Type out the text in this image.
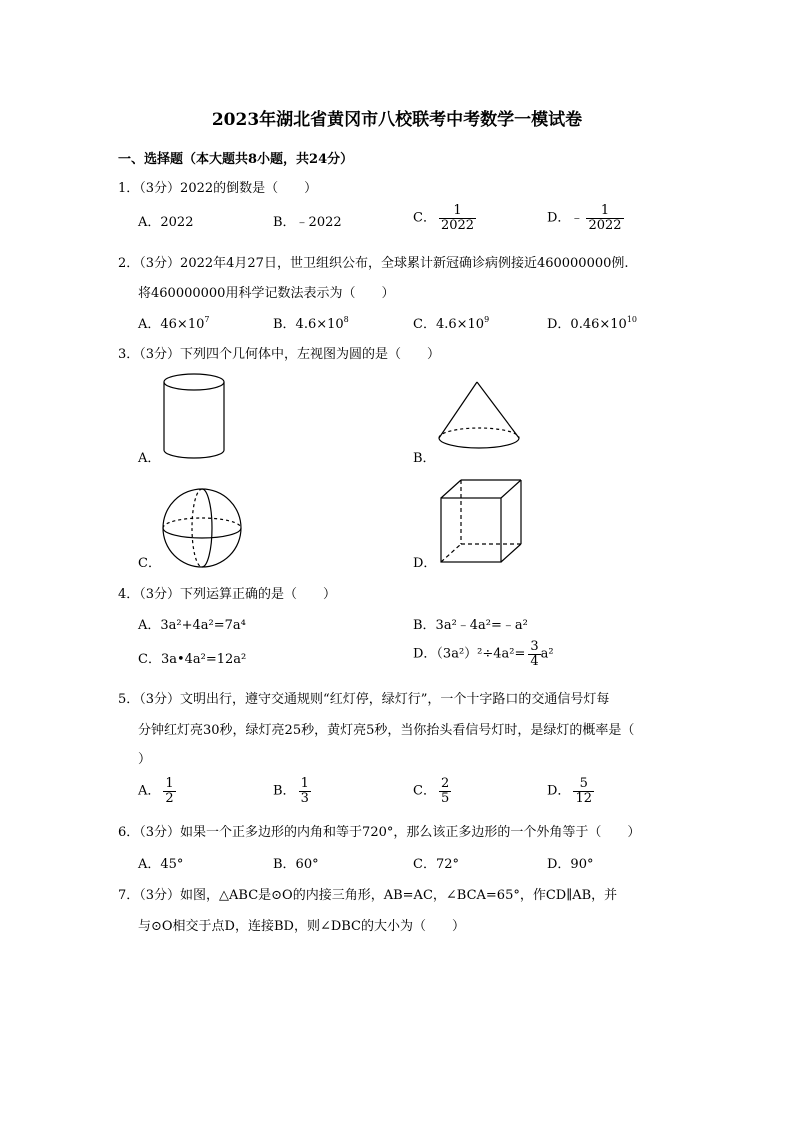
2023年湖北省黄冈市八校联考中考数学一模试卷
一、选择题（本大题共8小题，共24分）
1．（3分）2022的倒数是（　　）
A．2022	B．﹣2022	C． $\frac{1}{2022}$	D．﹣ $\frac{1}{2022}$
2．（3分）2022年4月27日，世卫组织公布，全球累计新冠确诊病例接近460000000例.
将460000000用科学记数法表示为（　　）
A．$46\times 10^7$	B．$4.6\times 10^8$	C．$4.6\times 10^9$	D．$0.46\times 10^{10}$
3．（3分）下列四个几何体中，左视图为圆的是（　　）
A．	B．
C．	D．
4．（3分）下列运算正确的是（　　）
A．3a²+4a²=7a⁴	B．3a²﹣4a²=﹣a²
C．3a•4a²=12a²	D．$(3a^2)^2\div 4a^2= \frac{3}{4} a^2$
5．（3分）文明出行，遵守交通规则“红灯停，绿灯行”，一个十字路口的交通信号灯每
分钟红灯亮30秒，绿灯亮25秒，黄灯亮5秒，当你抬头看信号灯时，是绿灯的概率是（
）
A． $\frac{1}{2}$	B． $\frac{1}{3}$	C． $\frac{2}{5}$	D． $\frac{5}{12}$
6．（3分）如果一个正多边形的内角和等于720°，那么该正多边形的一个外角等于（　　）
A．45°	B．60°	C．72°	D．90°
7．（3分）如图，△ABC是⊙O的内接三角形，AB=AC，∠BCA=65°，作CD∥AB，并
与⊙O相交于点D，连接BD，则∠DBC的大小为（　　）
